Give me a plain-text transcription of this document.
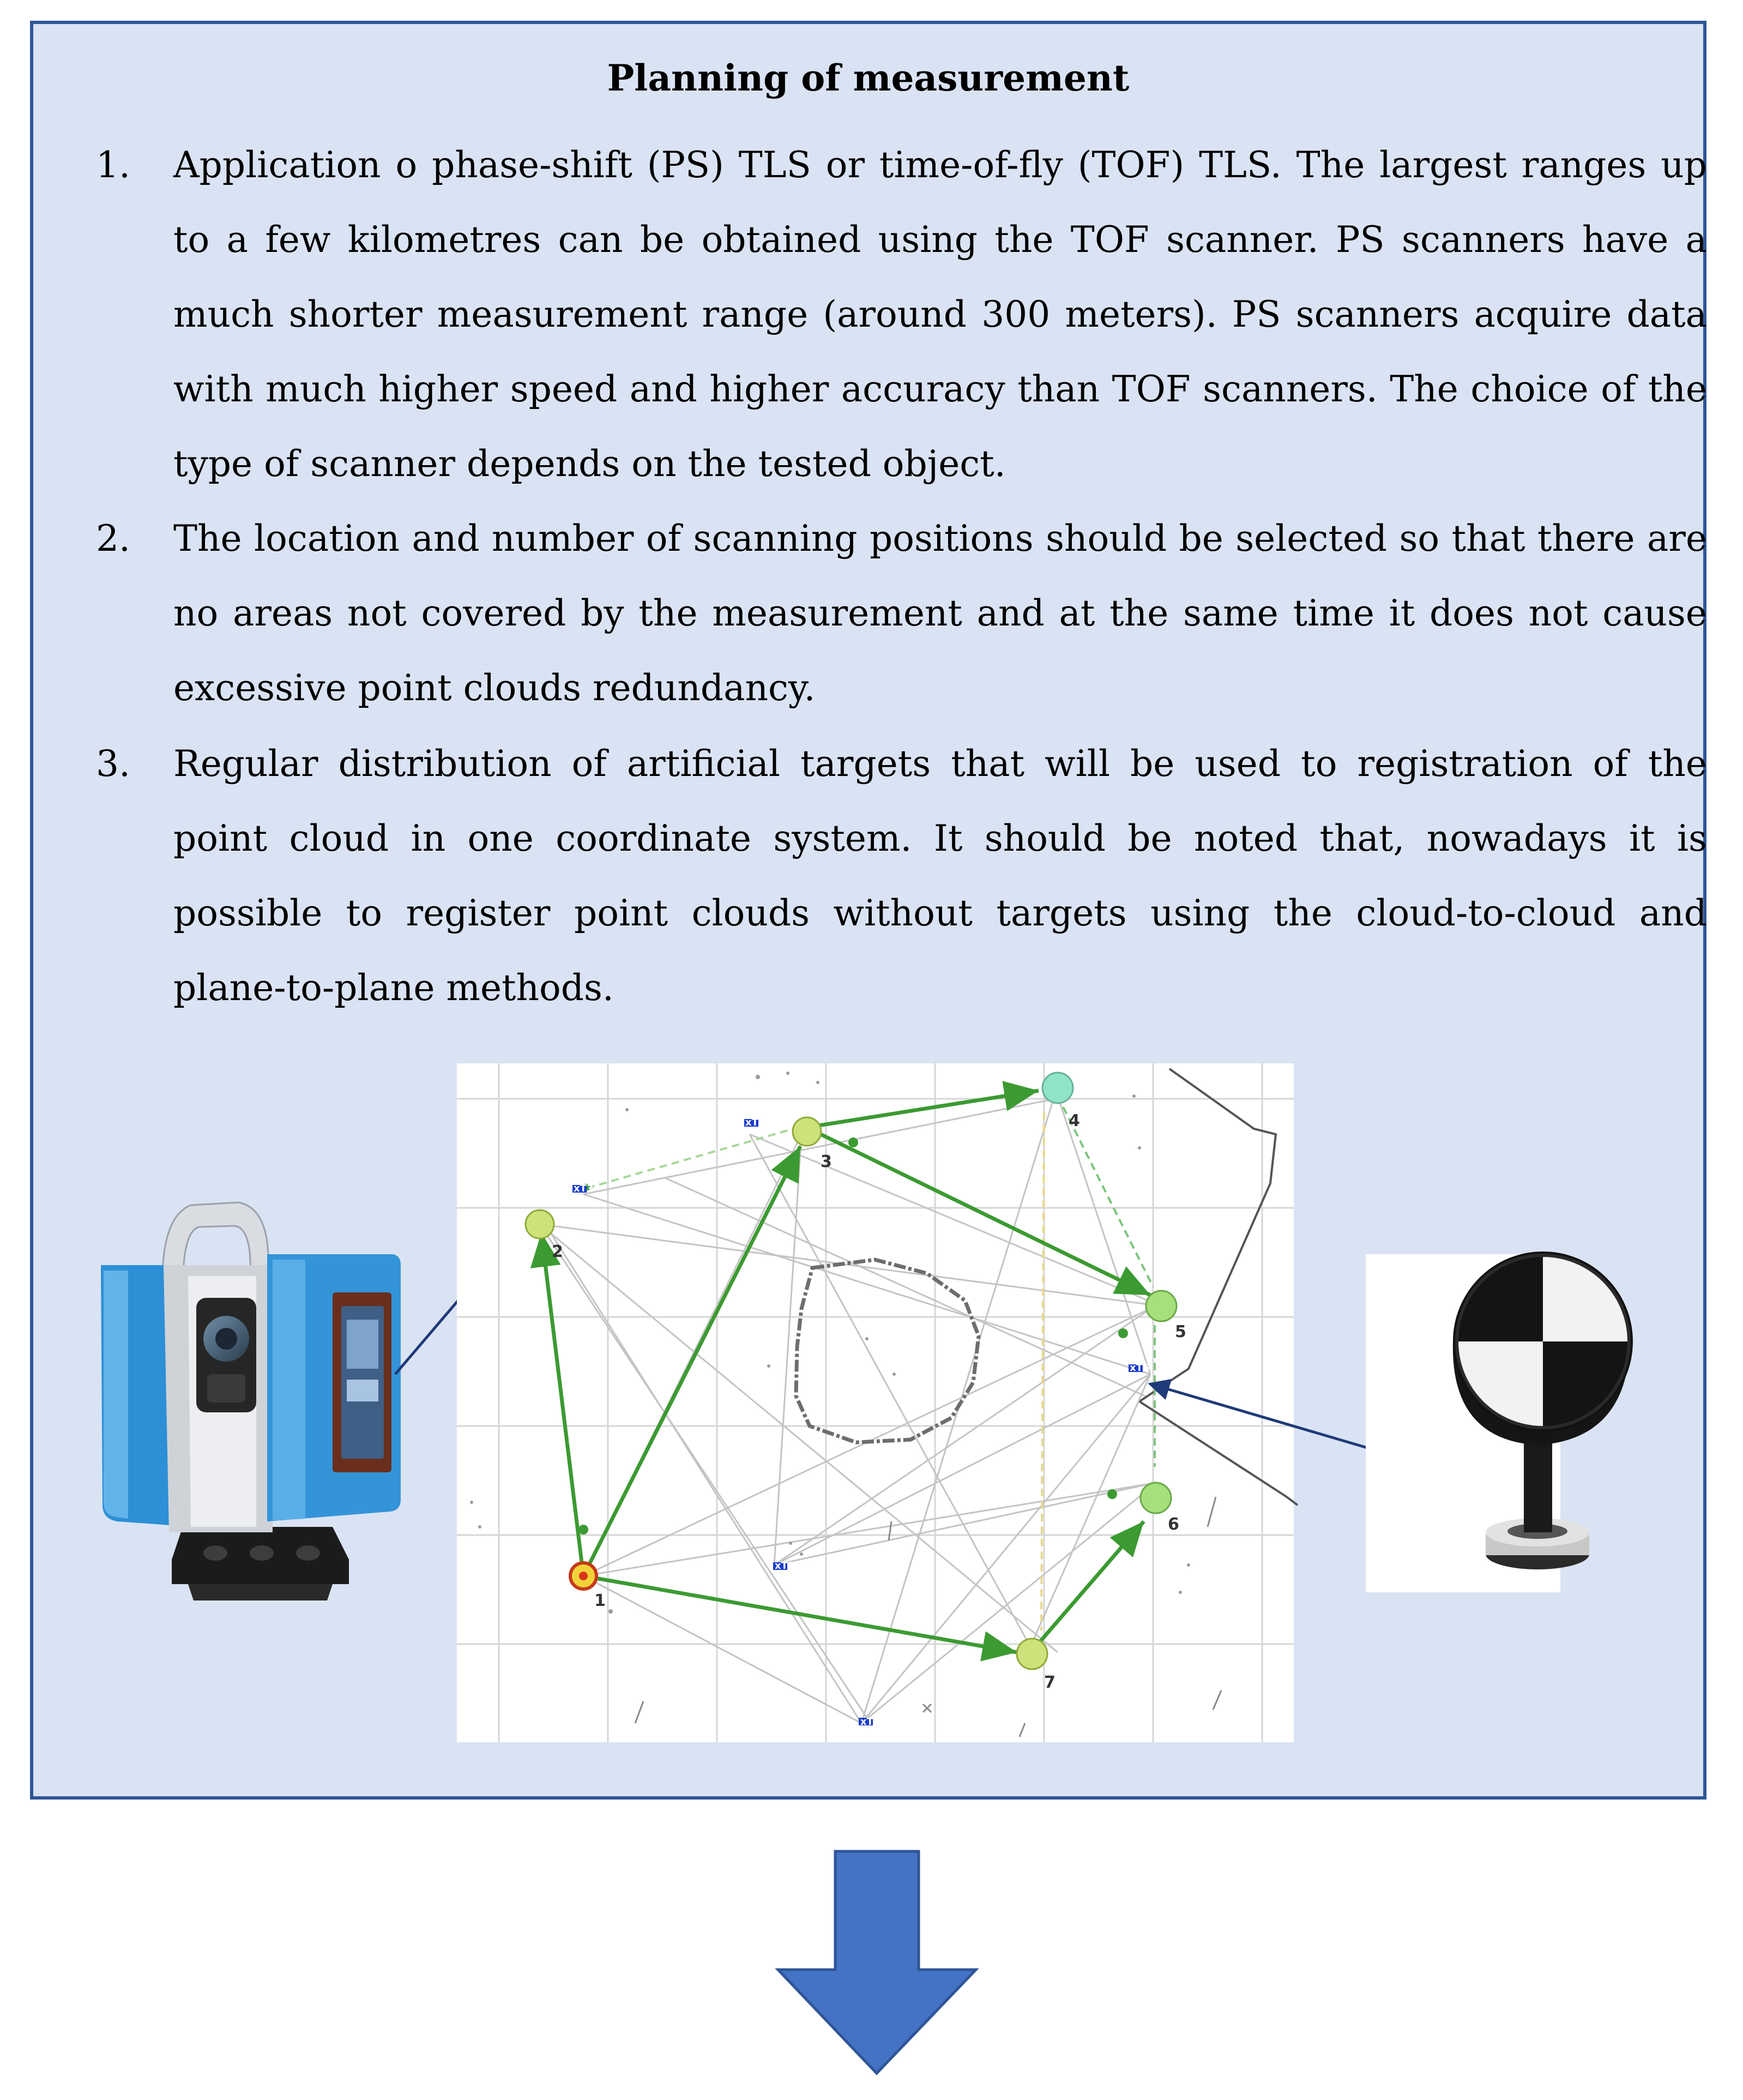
Planning of measurement
1. Application o phase-shift (PS) TLS or time-of-fly (TOF) TLS. The largest ranges up to a few kilometres can be obtained using the TOF scanner. PS scanners have a much shorter measurement range (around 300 meters). PS scanners acquire data with much higher speed and higher accuracy than TOF scanners. The choice of the type of scanner depends on the tested object.
2. The location and number of scanning positions should be selected so that there are no areas not covered by the measurement and at the same time it does not cause excessive point clouds redundancy.
3. Regular distribution of artificial targets that will be used to registration of the point cloud in one coordinate system. It should be noted that, nowadays it is possible to register point clouds without targets using the cloud-to-cloud and plane-to-plane methods.
1
2
3
4
5
6
7
xT1
xT2
xT3
xT4
xT5
